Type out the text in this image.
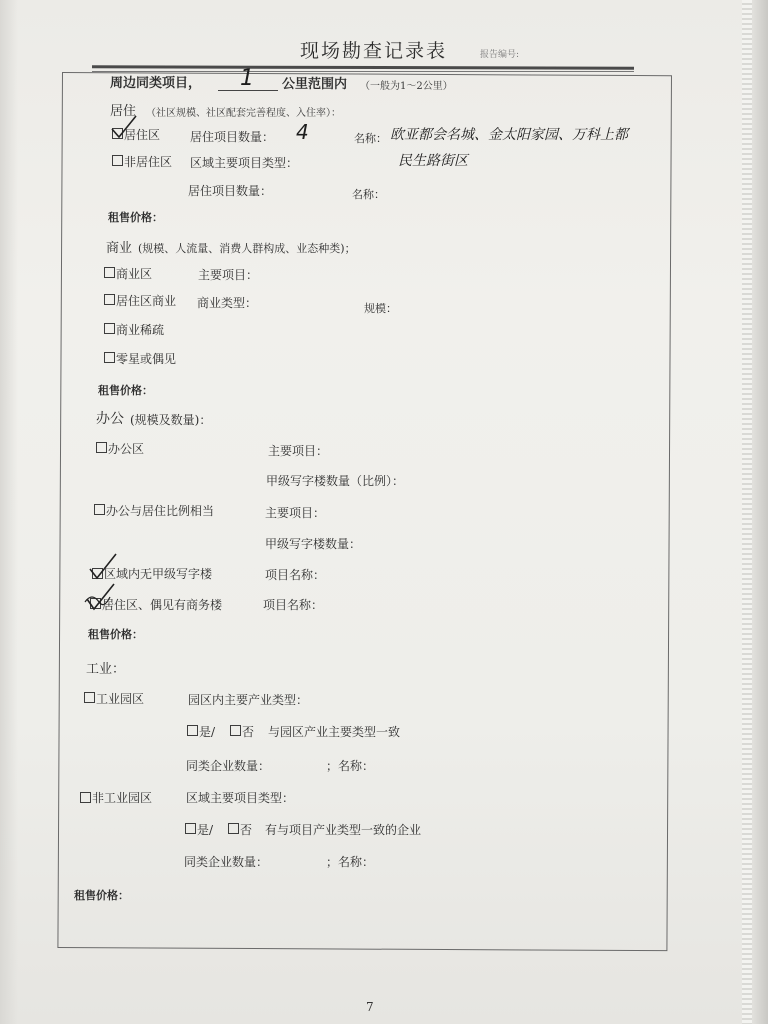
现场勘查记录表	报告编号:
周边同类项目， 1 公里范围内 （一般为1～2公里）
居住 （社区规模、社区配套完善程度、入住率）：
居住区 居住项目数量： 4	名称： 欧亚都会名城、金太阳家园、万科上都
民生路街区
非居住区 区域主要项目类型：
居住项目数量：	名称：
租售价格：
商业 (规模、人流量、消费人群构成、业态种类)；
商业区	主要项目：
居住区商业 商业类型：	规模：
商业稀疏
零星或偶见
租售价格：
办公 (规模及数量)：
办公区	主要项目：
甲级写字楼数量（比例）：
办公与居住比例相当	主要项目：
甲级写字楼数量：
区域内无甲级写字楼	项目名称：
居住区、偶见有商务楼	项目名称：
租售价格：
工业：
工业园区	园区内主要产业类型：
是/ 否 与园区产业主要类型一致
同类企业数量：	；名称：
非工业园区	区域主要项目类型：
是/ 否 有与项目产业类型一致的企业
同类企业数量：	；名称：
租售价格：
7
